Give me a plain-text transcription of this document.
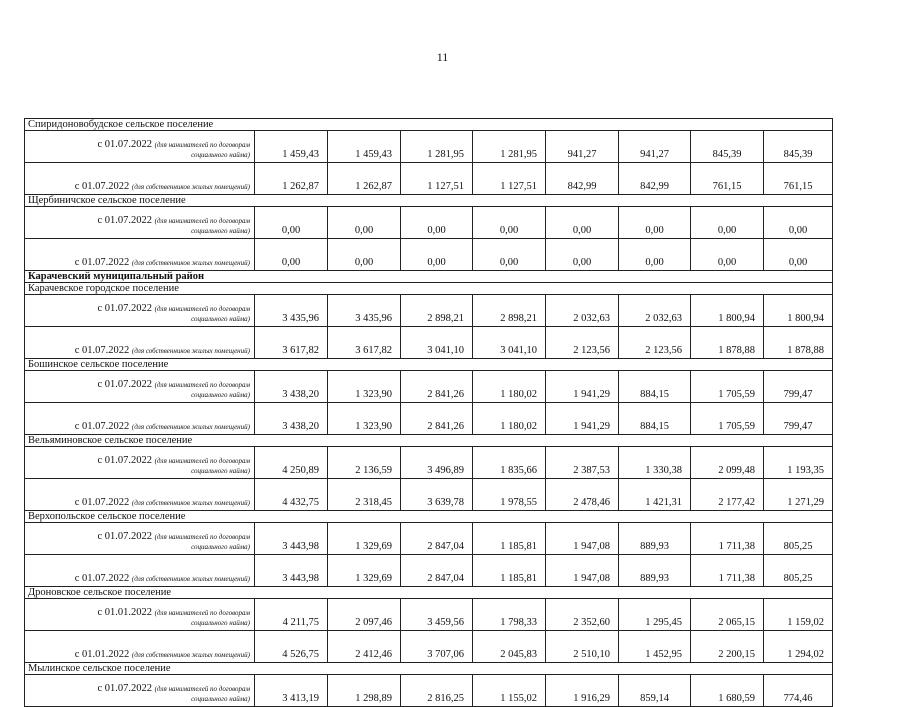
11
Спиридоновобудское сельское поселение								

с 01.07.2022 (для нанимателей по договорам
социального найма)	1 459,43	1 459,43	1 281,95	1 281,95	941,27	941,27	845,39	845,39

с 01.07.2022 (для собственников жилых помещений)	1 262,87	1 262,87	1 127,51	1 127,51	842,99	842,99	761,15	761,15
Щербиничское сельское поселение								

с 01.07.2022 (для нанимателей по договорам
социального найма)	0,00	0,00	0,00	0,00	0,00	0,00	0,00	0,00

с 01.07.2022 (для собственников жилых помещений)	0,00	0,00	0,00	0,00	0,00	0,00	0,00	0,00
Карачевский муниципальный район								
Карачевское городское поселение								

с 01.07.2022 (для нанимателей по договорам
социального найма)	3 435,96	3 435,96	2 898,21	2 898,21	2 032,63	2 032,63	1 800,94	1 800,94

с 01.07.2022 (для собственников жилых помещений)	3 617,82	3 617,82	3 041,10	3 041,10	2 123,56	2 123,56	1 878,88	1 878,88
Бошинское сельское поселение								

с 01.07.2022 (для нанимателей по договорам
социального найма)	3 438,20	1 323,90	2 841,26	1 180,02	1 941,29	884,15	1 705,59	799,47

с 01.07.2022 (для собственников жилых помещений)	3 438,20	1 323,90	2 841,26	1 180,02	1 941,29	884,15	1 705,59	799,47
Вельяминовское сельское поселение								

с 01.07.2022 (для нанимателей по договорам
социального найма)	4 250,89	2 136,59	3 496,89	1 835,66	2 387,53	1 330,38	2 099,48	1 193,35

с 01.07.2022 (для собственников жилых помещений)	4 432,75	2 318,45	3 639,78	1 978,55	2 478,46	1 421,31	2 177,42	1 271,29
Верхопольское сельское поселение								

с 01.07.2022 (для нанимателей по договорам
социального найма)	3 443,98	1 329,69	2 847,04	1 185,81	1 947,08	889,93	1 711,38	805,25

с 01.07.2022 (для собственников жилых помещений)	3 443,98	1 329,69	2 847,04	1 185,81	1 947,08	889,93	1 711,38	805,25
Дроновское сельское поселение								

с 01.01.2022 (для нанимателей по договорам
социального найма)	4 211,75	2 097,46	3 459,56	1 798,33	2 352,60	1 295,45	2 065,15	1 159,02

с 01.01.2022 (для собственников жилых помещений)	4 526,75	2 412,46	3 707,06	2 045,83	2 510,10	1 452,95	2 200,15	1 294,02
Мылинское сельское поселение								

с 01.07.2022 (для нанимателей по договорам
социального найма)	3 413,19	1 298,89	2 816,25	1 155,02	1 916,29	859,14	1 680,59	774,46
